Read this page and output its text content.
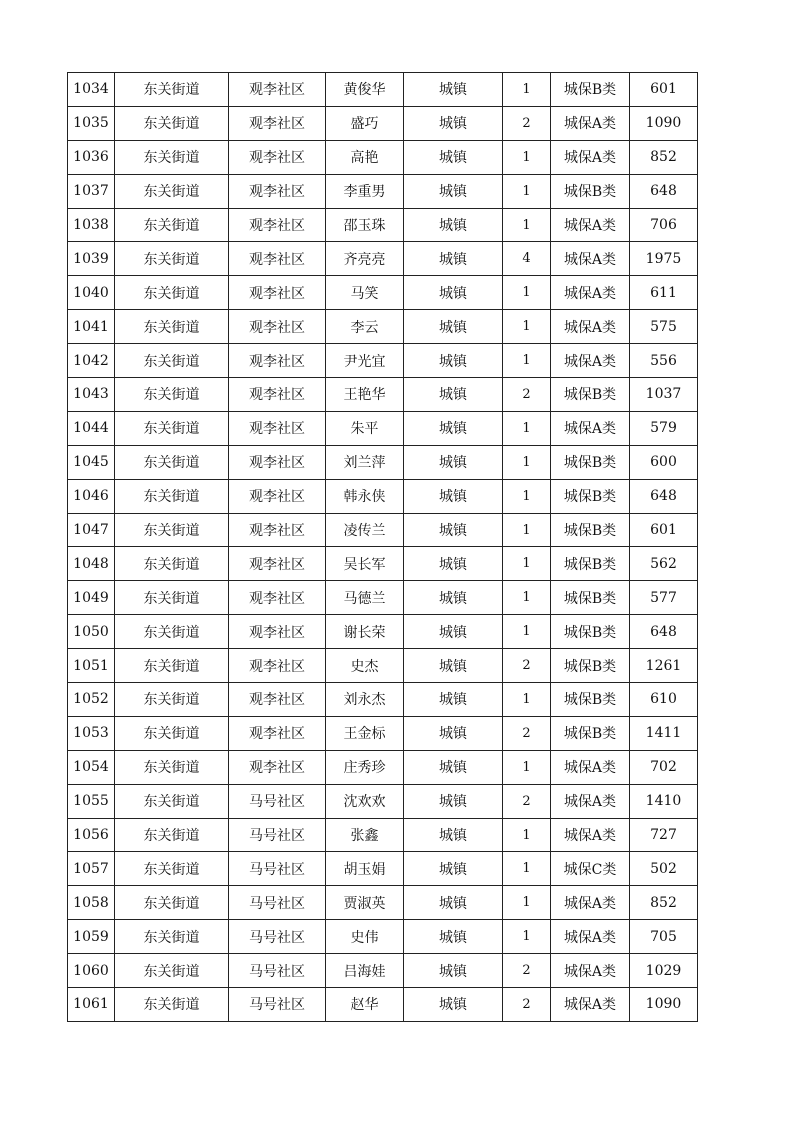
1034	东关街道	观李社区	黄俊华	城镇	1	城保B类	601
1035	东关街道	观李社区	盛巧	城镇	2	城保A类	1090
1036	东关街道	观李社区	高艳	城镇	1	城保A类	852
1037	东关街道	观李社区	李重男	城镇	1	城保B类	648
1038	东关街道	观李社区	邵玉珠	城镇	1	城保A类	706
1039	东关街道	观李社区	齐亮亮	城镇	4	城保A类	1975
1040	东关街道	观李社区	马笑	城镇	1	城保A类	611
1041	东关街道	观李社区	李云	城镇	1	城保A类	575
1042	东关街道	观李社区	尹光宜	城镇	1	城保A类	556
1043	东关街道	观李社区	王艳华	城镇	2	城保B类	1037
1044	东关街道	观李社区	朱平	城镇	1	城保A类	579
1045	东关街道	观李社区	刘兰萍	城镇	1	城保B类	600
1046	东关街道	观李社区	韩永侠	城镇	1	城保B类	648
1047	东关街道	观李社区	凌传兰	城镇	1	城保B类	601
1048	东关街道	观李社区	吴长军	城镇	1	城保B类	562
1049	东关街道	观李社区	马德兰	城镇	1	城保B类	577
1050	东关街道	观李社区	谢长荣	城镇	1	城保B类	648
1051	东关街道	观李社区	史杰	城镇	2	城保B类	1261
1052	东关街道	观李社区	刘永杰	城镇	1	城保B类	610
1053	东关街道	观李社区	王金标	城镇	2	城保B类	1411
1054	东关街道	观李社区	庄秀珍	城镇	1	城保A类	702
1055	东关街道	马号社区	沈欢欢	城镇	2	城保A类	1410
1056	东关街道	马号社区	张鑫	城镇	1	城保A类	727
1057	东关街道	马号社区	胡玉娟	城镇	1	城保C类	502
1058	东关街道	马号社区	贾淑英	城镇	1	城保A类	852
1059	东关街道	马号社区	史伟	城镇	1	城保A类	705
1060	东关街道	马号社区	吕海娃	城镇	2	城保A类	1029
1061	东关街道	马号社区	赵华	城镇	2	城保A类	1090
